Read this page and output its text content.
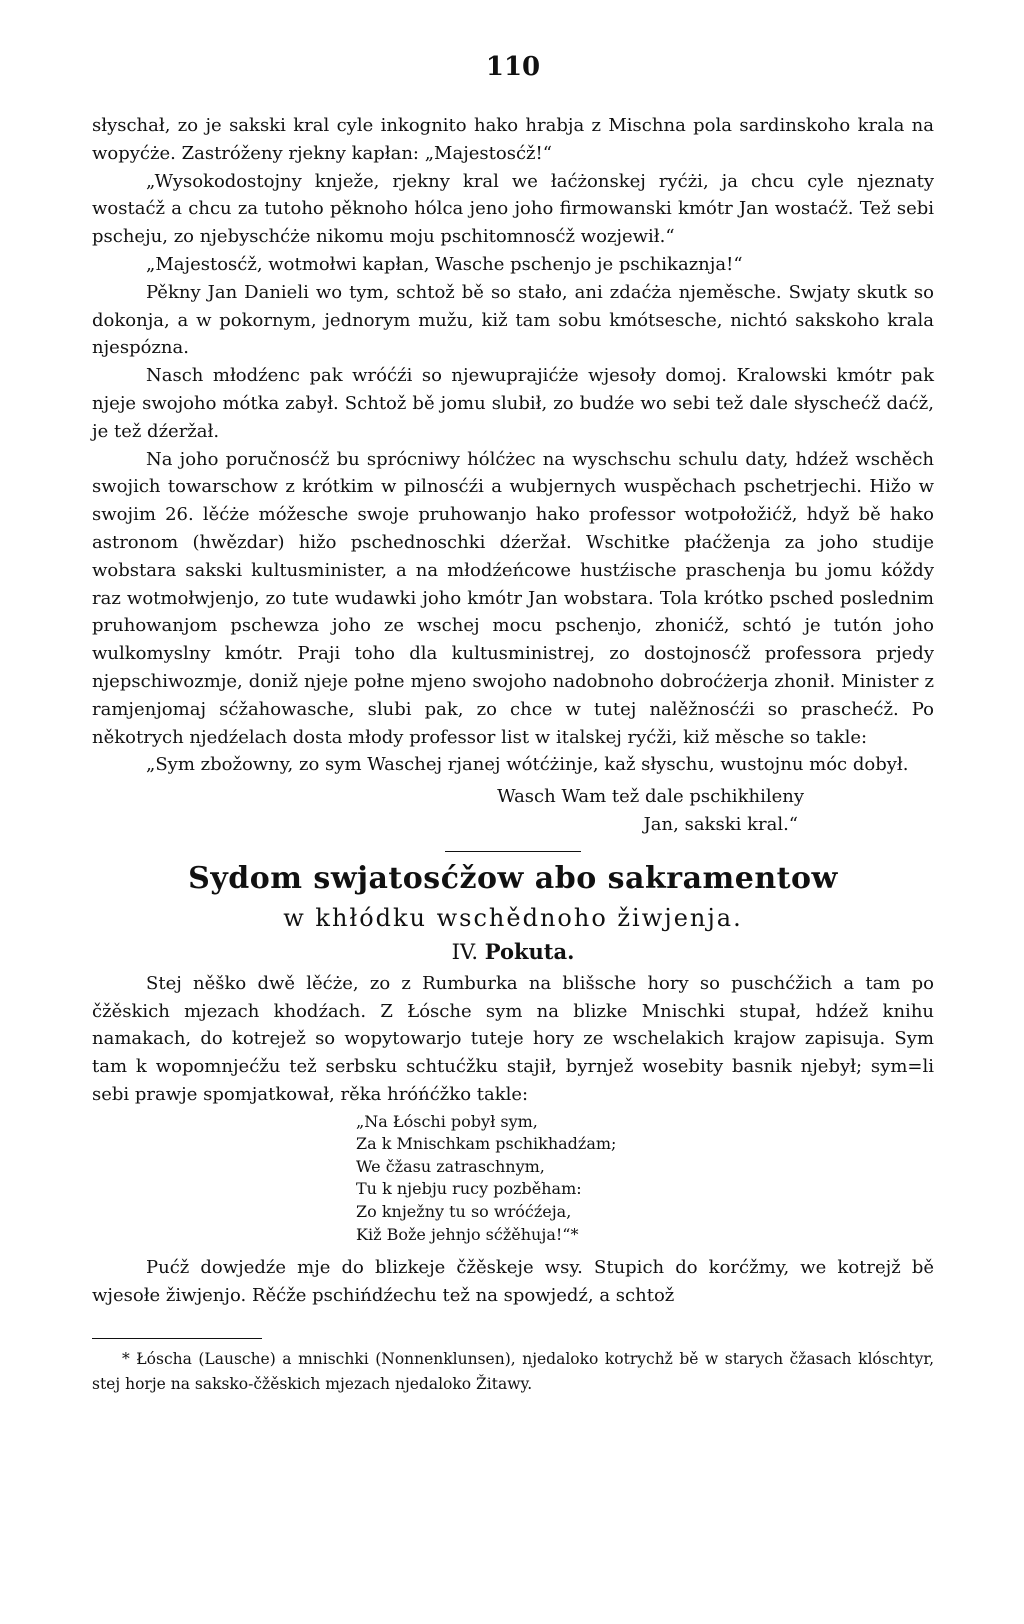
110

słyschał, zo je sakski kral cyle inkognito hako hrabja z Mischna pola sardinskoho krala na wopyćże. Zastróženy rjekny kapłan: „Majestosćž!“

„Wysokodostojny knježe, rjekny kral we łaćżonskej ryćżi, ja chcu cyle njeznaty wostaćž a chcu za tutoho pěknoho hólca jeno joho firmowanski kmótr Jan wostaćž. Tež sebi pscheju, zo njebyschćże nikomu moju pschitomnosćž wozjewił.“

„Majestosćž, wotmołwi kapłan, Wasche pschenjo je pschikaznja!“

Pěkny Jan Danieli wo tym, schtož bě so stało, ani zdaćża njeměsche. Swjaty skutk so dokonja, a w pokornym, jednorym mužu, kiž tam sobu kmótsesche, nichtó sakskoho krala njespózna.

Nasch młodźenc pak wróćźi so njewuprajićże wjesoły domoj. Kralowski kmótr pak njeje swojoho mótka zabył. Schtož bě jomu slubił, zo budźe wo sebi tež dale słyschećž daćž, je tež dźeržał.

Na joho poručnosćž bu sprócniwy hólćżec na wyschschu schulu daty, hdźež wschěch swojich towarschow z krótkim w pilnosćźi a wubjernych wuspěchach pschetrjechi. Hižo w swojim 26. lěćże móžesche swoje pruhowanjo hako professor wotpołožićž, hdyž bě hako astronom (hwězdar) hižo pschednoschki dźeržał. Wschitke płaćženja za joho studije wobstara sakski kultusminister, a na młodźeńcowe hustźische praschenja bu jomu kóždy raz wotmołwjenjo, zo tute wudawki joho kmótr Jan wobstara. Tola krótko psched poslednim pruhowanjom pschewza joho ze wschej mocu pschenjo, zhonićž, schtó je tutón joho wulkomyslny kmótr. Praji toho dla kultusministrej, zo dostojnosćž professora prjedy njepschiwozmje, doniž njeje połne mjeno swojoho nadobnoho dobroćżerja zhonił. Minister z ramjenjomaj sćžahowasche, slubi pak, zo chce w tutej nalěžnosćźi so praschećž. Po někotrych njedźelach dosta młody professor list w italskej ryćži, kiž měsche so takle:

„Sym zbožowny, zo sym Waschej rjanej wótćżinje, kaž słyschu, wustojnu móc dobył.

Wasch Wam tež dale pschikhileny

Jan, sakski kral.“

Sydom swjatosćžow abo sakramentow
w khłódku wschědnoho žiwjenja.
IV. Pokuta.

Stej něško dwě lěćże, zo z Rumburka na blišsche hory so puschćžich a tam po čžěskich mjezach khodźach. Z Łósche sym na blizke Mnischki stupał, hdźež knihu namakach, do kotrejež so wopytowarjo tuteje hory ze wschelakich krajow zapisuja. Sym tam k wopomnjećžu tež serbsku schtućžku stajił, byrnjež wosebity basnik njebył; sym=li sebi prawje spomjatkował, rěka hróńćžko takle:

„Na Łóschi pobył sym,
Za k Mnischkam pschikhadźam;
We čžasu zatraschnym,
Tu k njebju rucy pozběham:
Zo knježny tu so wróćźeja,
Kiž Bože jehnjo sćžěhuja!“*

Pućž dowjedźe mje do blizkeje čžěskeje wsy. Stupich do korćžmy, we kotrejž bě wjesołe žiwjenjo. Rěćže pschińdźechu tež na spowjedź, a schtož

* Łóscha (Lausche) a mnischki (Nonnenklunsen), njedaloko kotrychž bě w starych čžasach klóschtyr, stej horje na saksko-čžěskich mjezach njedaloko Žitawy.
